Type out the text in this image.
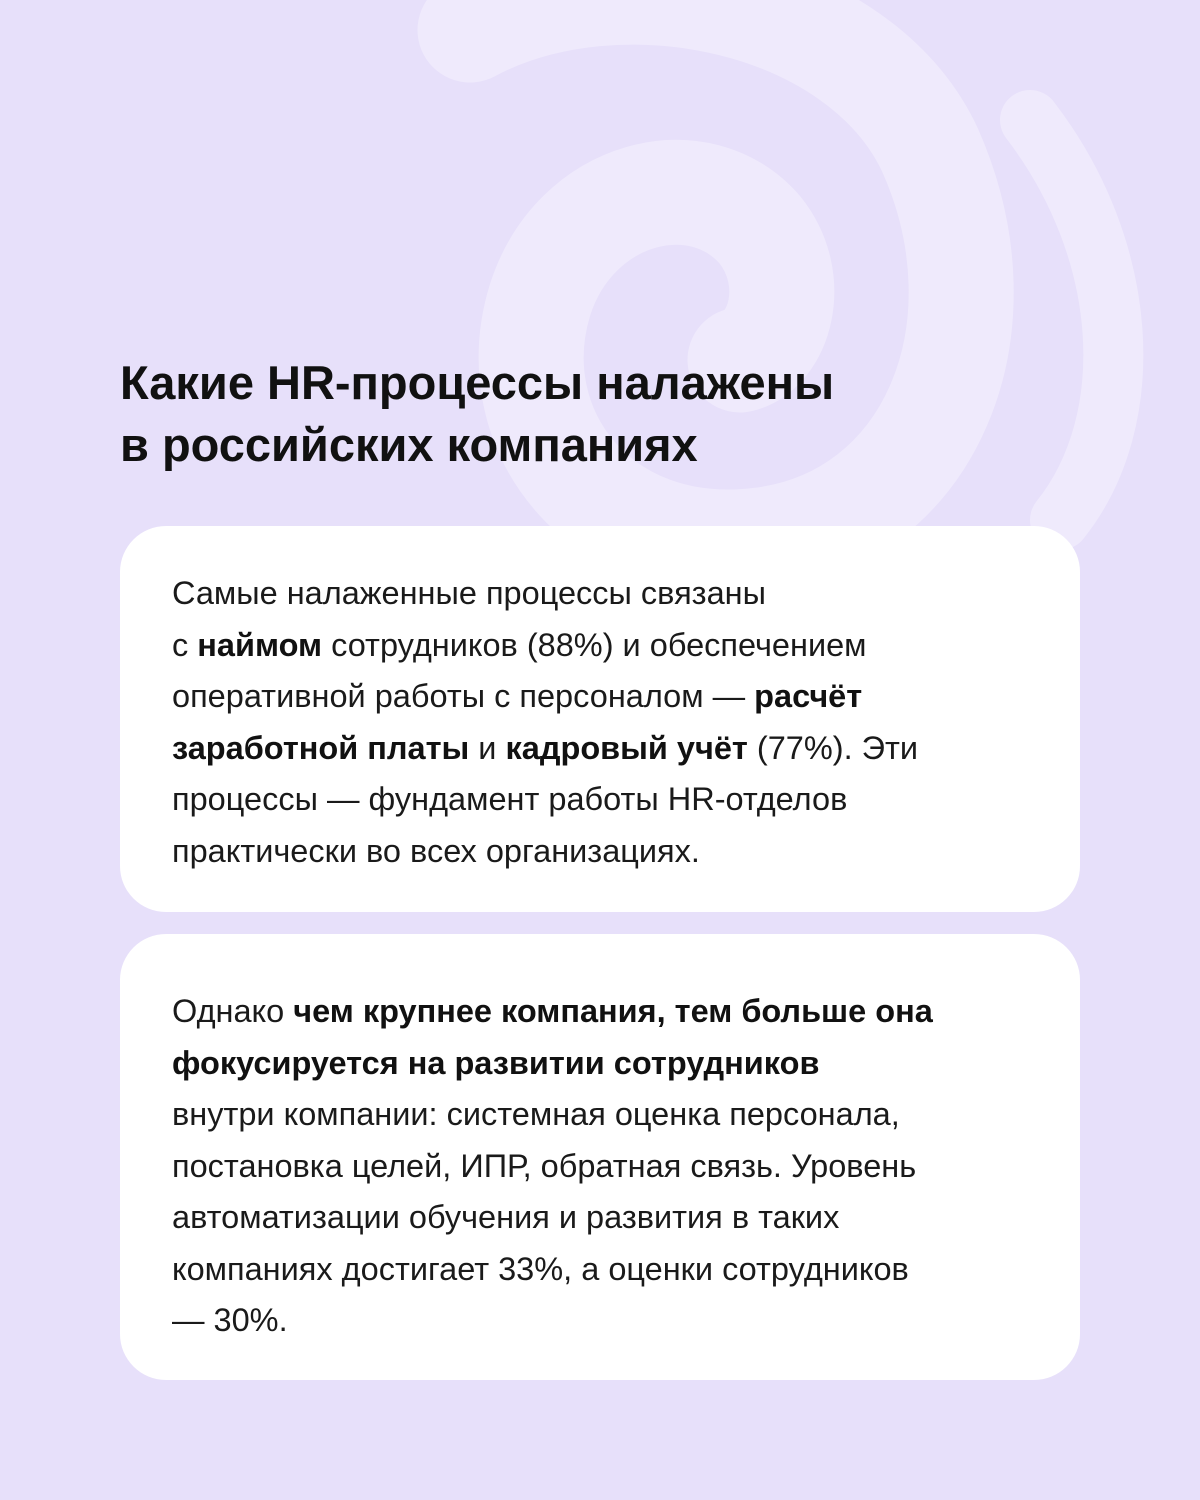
Какие HR-процессы налажены
в российских компаниях

Самые налаженные процессы связаны
с наймом сотрудников (88%) и обеспечением
оперативной работы с персоналом — расчёт
заработной платы и кадровый учёт (77%). Эти
процессы — фундамент работы HR-отделов
практически во всех организациях.

Однако чем крупнее компания, тем больше она
фокусируется на развитии сотрудников
внутри компании: системная оценка персонала,
постановка целей, ИПР, обратная связь. Уровень
автоматизации обучения и развития в таких
компаниях достигает 33%, а оценки сотрудников
— 30%.
